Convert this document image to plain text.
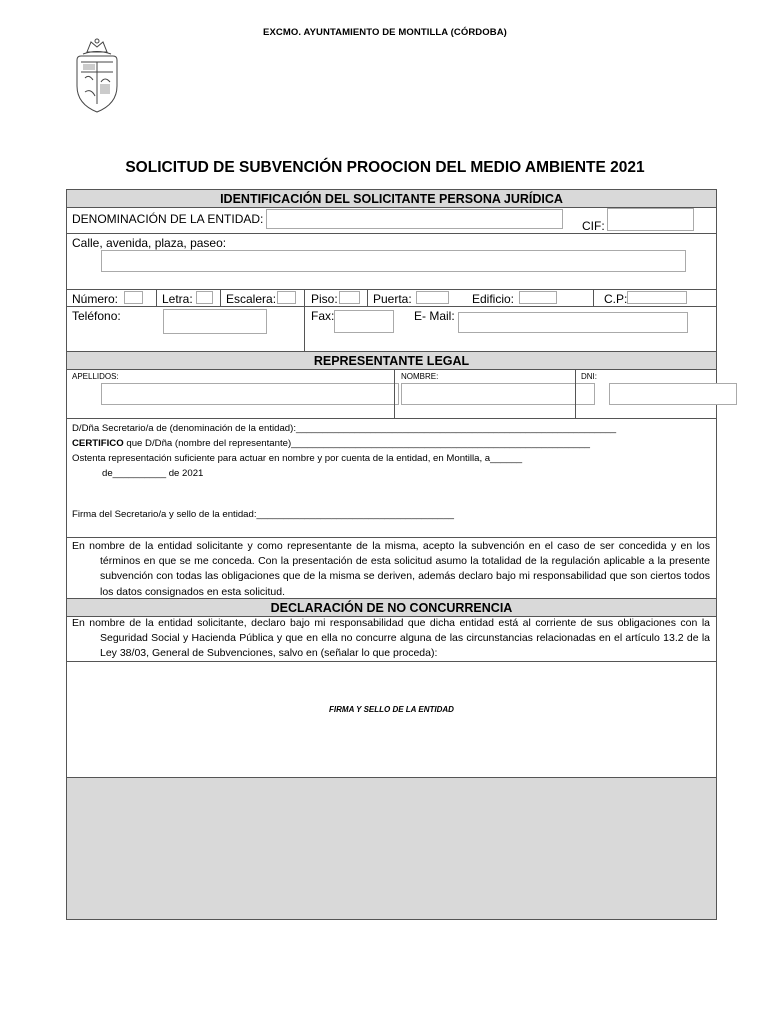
EXCMO. AYUNTAMIENTO DE MONTILLA (CÓRDOBA)
SOLICITUD DE SUBVENCIÓN PROOCION DEL MEDIO AMBIENTE 2021
IDENTIFICACIÓN DEL SOLICITANTE PERSONA JURÍDICA
DENOMINACIÓN DE LA ENTIDAD:	CIF:
Calle, avenida, plaza, paseo:
Número:	Letra:	Escalera:	Piso:	Puerta:	Edificio:	C.P:
Teléfono:	Fax:	E- Mail:
REPRESENTANTE LEGAL
APELLIDOS:	NOMBRE:	DNI:
D/Dña Secretario/a de (denominación de la entidad):____________________________________________________________
CERTIFICO que D/Dña (nombre del representante)________________________________________________________
Ostenta representación suficiente para actuar en nombre y por cuenta de la entidad, en Montilla, a______
de__________ de 2021
Firma del Secretario/a y sello de la entidad:_____________________________________
En nombre de la entidad solicitante y como representante de la misma, acepto la subvención en el caso de ser concedida y en los términos en que se me conceda. Con la presentación de esta solicitud asumo la totalidad de la regulación aplicable a la presente subvención con todas las obligaciones que de la misma se deriven, además declaro bajo mi responsabilidad que son ciertos todos los datos consignados en esta solicitud.
DECLARACIÓN DE NO CONCURRENCIA
En nombre de la entidad solicitante, declaro bajo mi responsabilidad que dicha entidad está al corriente de sus obligaciones con la Seguridad Social y Hacienda Pública y que en ella no concurre alguna de las circunstancias relacionadas en el artículo 13.2 de la Ley 38/03, General de Subvenciones, salvo en (señalar lo que proceda):
FIRMA Y SELLO DE LA ENTIDAD
